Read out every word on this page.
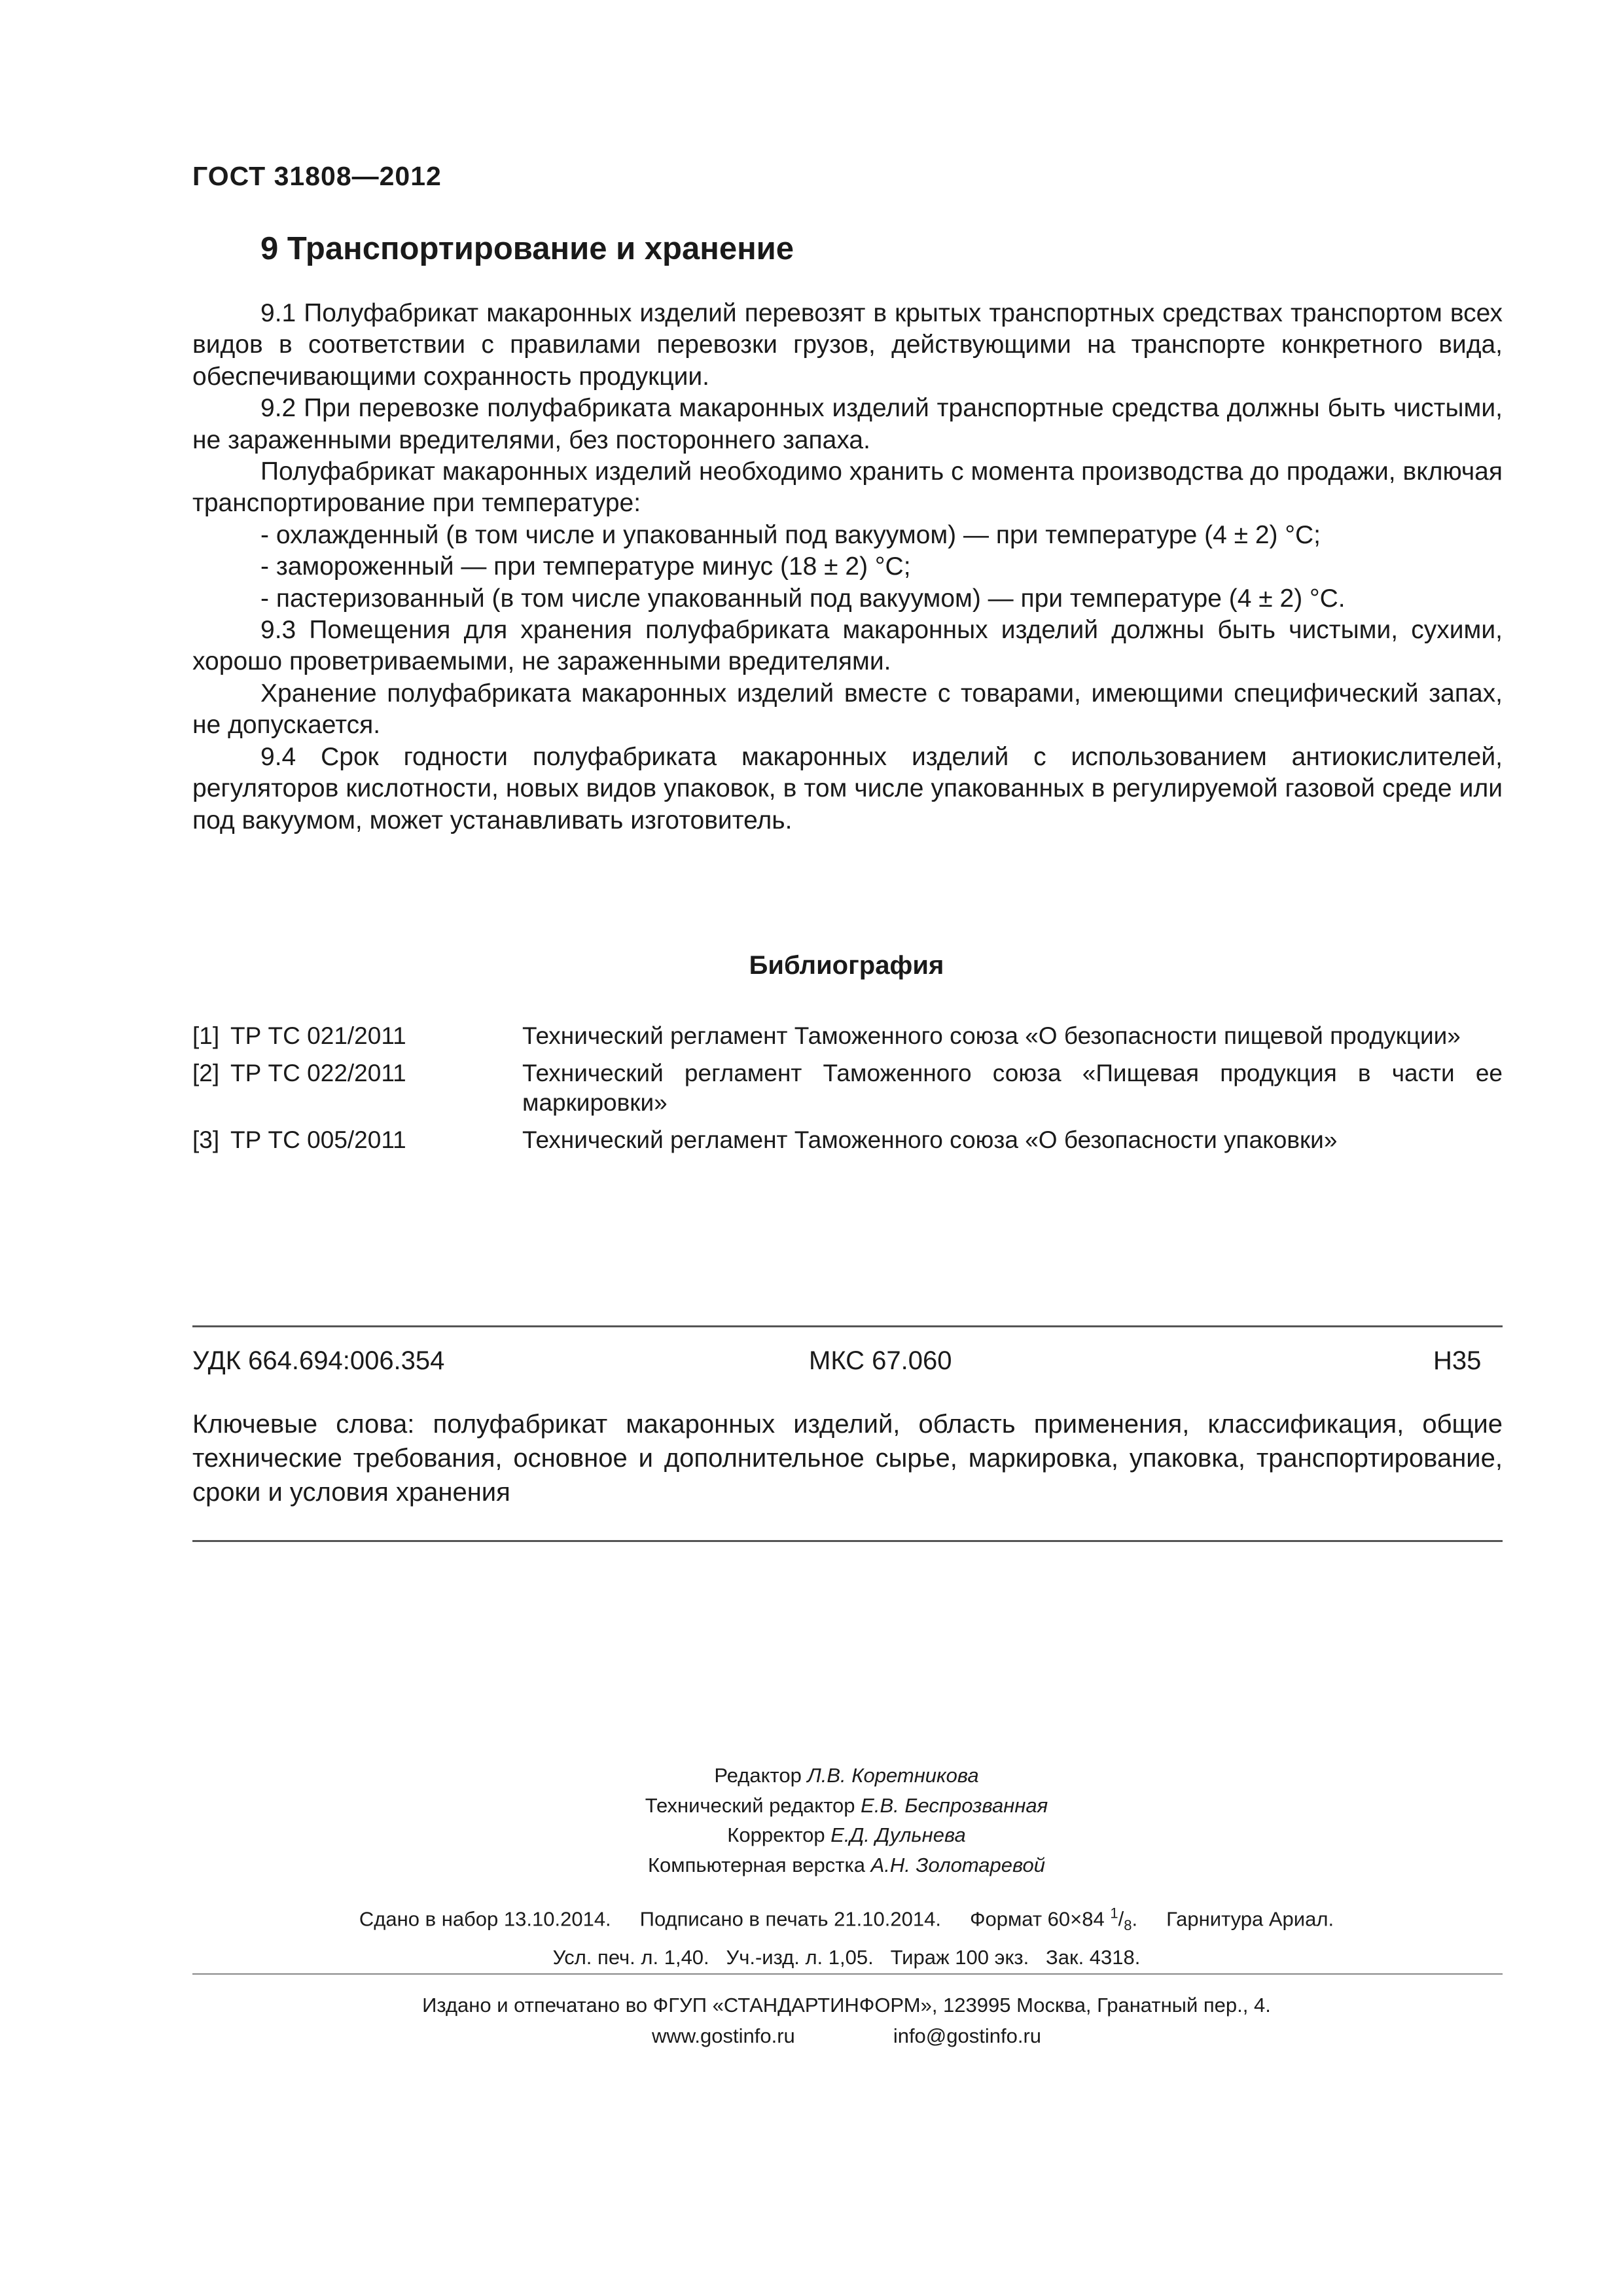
ГОСТ 31808—2012
9 Транспортирование и хранение

9.1 Полуфабрикат макаронных изделий перевозят в крытых транспортных средствах транспортом всех видов в соответствии с правилами перевозки грузов, действующими на транспорте конкретного вида, обеспечивающими сохранность продукции.

9.2 При перевозке полуфабриката макаронных изделий транспортные средства должны быть чистыми, не зараженными вредителями, без постороннего запаха.

Полуфабрикат макаронных изделий необходимо хранить с момента производства до продажи, включая транспортирование при температуре:

- охлажденный (в том числе и упакованный под вакуумом) — при температуре (4 ± 2) °C;

- замороженный — при температуре минус (18 ± 2) °C;

- пастеризованный (в том числе упакованный под вакуумом) — при температуре (4 ± 2) °C.

9.3 Помещения для хранения полуфабриката макаронных изделий должны быть чистыми, сухими, хорошо проветриваемыми, не зараженными вредителями.

Хранение полуфабриката макаронных изделий вместе с товарами, имеющими специфический запах, не допускается.

9.4 Срок годности полуфабриката макаронных изделий с использованием антиокислителей, регуляторов кислотности, новых видов упаковок, в том числе упакованных в регулируемой газовой среде или под вакуумом, может устанавливать изготовитель.

Библиография
[1] ТР ТС 021/2011	Технический регламент Таможенного союза «О безопасности пищевой продукции»
[2] ТР ТС 022/2011	Технический регламент Таможенного союза «Пищевая продукция в части ее маркировки»
[3] ТР ТС 005/2011	Технический регламент Таможенного союза «О безопасности упаковки»
УДК 664.694:006.354	МКС 67.060	Н35
Ключевые слова: полуфабрикат макаронных изделий, область применения, классификация, общие технические требования, основное и дополнительное сырье, маркировка, упаковка, транспортирование, сроки и условия хранения
Редактор Л.В. Коретникова
Технический редактор Е.В. Беспрозванная
Корректор Е.Д. Дульнева
Компьютерная верстка А.Н. Золотаревой
Сдано в набор 13.10.2014. Подписано в печать 21.10.2014. Формат 60×84 $^1/_8$. Гарнитура Ариал.
Усл. печ. л. 1,40. Уч.-изд. л. 1,05. Тираж 100 экз. Зак. 4318.
Издано и отпечатано во ФГУП «СТАНДАРТИНФОРМ», 123995 Москва, Гранатный пер., 4.
www.gostinfo.ru	info@gostinfo.ru
